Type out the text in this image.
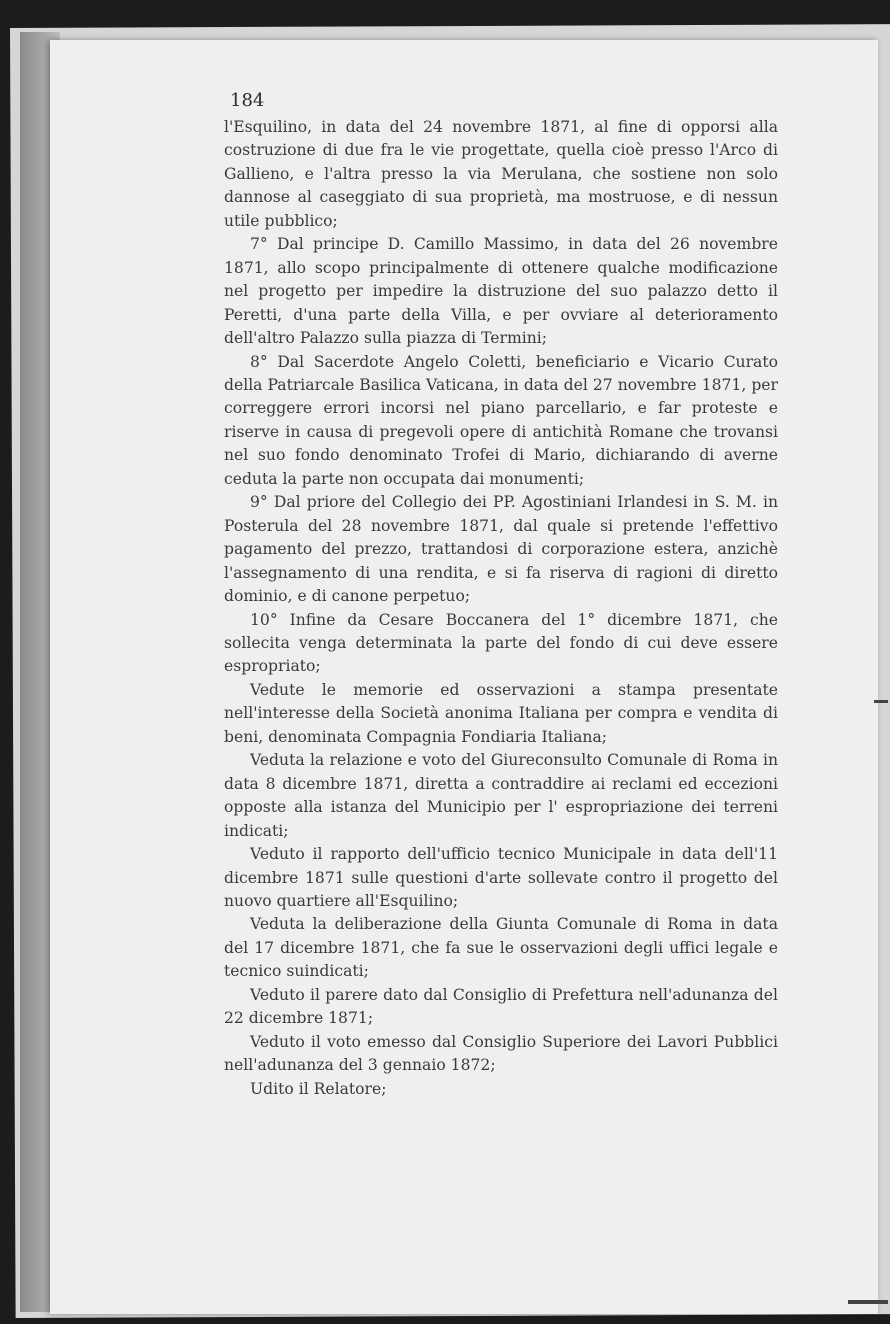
184

l'Esquilino, in data del 24 novembre 1871, al fine di opporsi alla costruzione di due fra le vie progettate, quella cioè presso l'Arco di Gallieno, e l'altra presso la via Merulana, che sostiene non solo dannose al caseggiato di sua proprietà, ma mostruose, e di nessun utile pubblico;

7° Dal principe D. Camillo Massimo, in data del 26 novembre 1871, allo scopo principalmente di ottenere qualche modificazione nel progetto per impedire la distruzione del suo palazzo detto il Peretti, d'una parte della Villa, e per ovviare al deterioramento dell'altro Palazzo sulla piazza di Termini;

8° Dal Sacerdote Angelo Coletti, beneficiario e Vicario Curato della Patriarcale Basilica Vaticana, in data del 27 novembre 1871, per correggere errori incorsi nel piano parcellario, e far proteste e riserve in causa di pregevoli opere di antichità Romane che trovansi nel suo fondo denominato Trofei di Mario, dichiarando di averne ceduta la parte non occupata dai monumenti;

9° Dal priore del Collegio dei PP. Agostiniani Irlandesi in S. M. in Posterula del 28 novembre 1871, dal quale si pretende l'effettivo pagamento del prezzo, trattandosi di corporazione estera, anzichè l'assegnamento di una rendita, e si fa riserva di ragioni di diretto dominio, e di canone perpetuo;

10° Infine da Cesare Boccanera del 1° dicembre 1871, che sollecita venga determinata la parte del fondo di cui deve essere espropriato;

Vedute le memorie ed osservazioni a stampa presentate nell'interesse della Società anonima Italiana per compra e vendita di beni, denominata Compagnia Fondiaria Italiana;

Veduta la relazione e voto del Giureconsulto Comunale di Roma in data 8 dicembre 1871, diretta a contraddire ai reclami ed eccezioni opposte alla istanza del Municipio per l' espropriazione dei terreni indicati;

Veduto il rapporto dell'ufficio tecnico Municipale in data dell'11 dicembre 1871 sulle questioni d'arte sollevate contro il progetto del nuovo quartiere all'Esquilino;

Veduta la deliberazione della Giunta Comunale di Roma in data del 17 dicembre 1871, che fa sue le osservazioni degli uffici legale e tecnico suindicati;

Veduto il parere dato dal Consiglio di Prefettura nell'adunanza del 22 dicembre 1871;

Veduto il voto emesso dal Consiglio Superiore dei Lavori Pubblici nell'adunanza del 3 gennaio 1872;

Udito il Relatore;
